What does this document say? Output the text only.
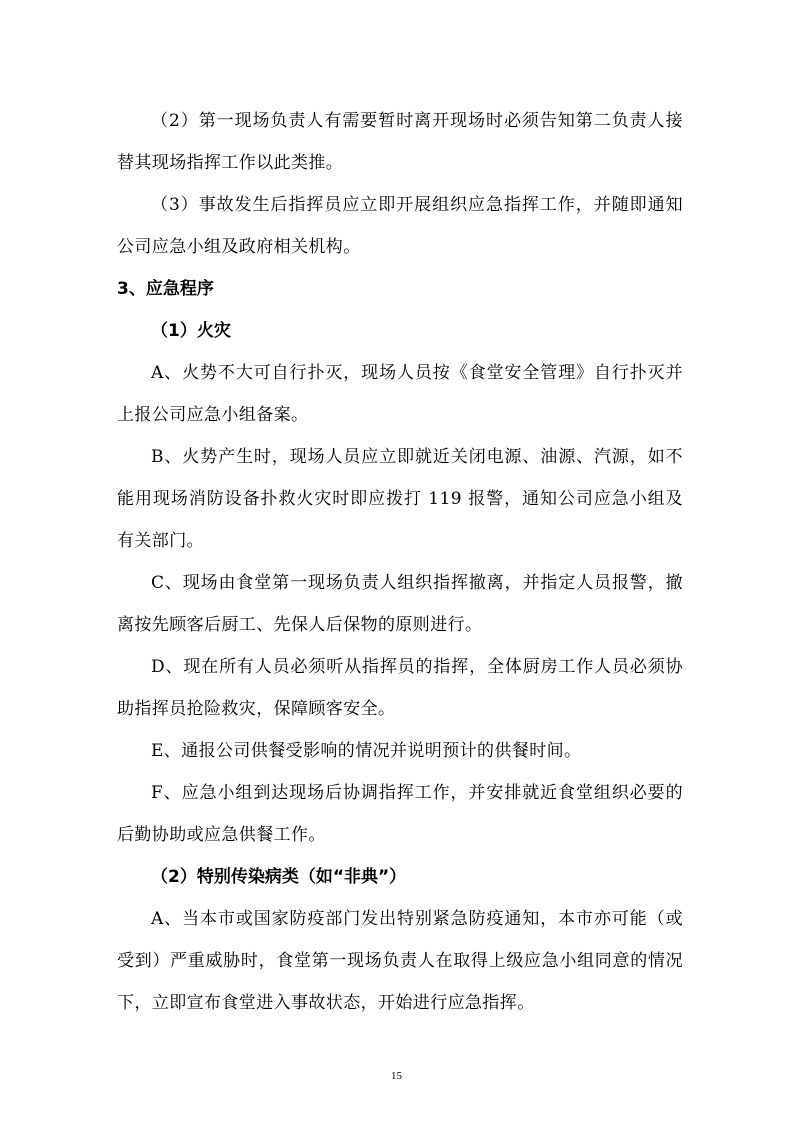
（2）第一现场负责人有需要暂时离开现场时必须告知第二负责人接替其现场指挥工作以此类推。

（3）事故发生后指挥员应立即开展组织应急指挥工作，并随即通知公司应急小组及政府相关机构。

3、应急程序
（1）火灾

A、火势不大可自行扑灭，现场人员按《食堂安全管理》自行扑灭并上报公司应急小组备案。

B、火势产生时，现场人员应立即就近关闭电源、油源、汽源，如不能用现场消防设备扑救火灾时即应拨打 119 报警，通知公司应急小组及有关部门。

C、现场由食堂第一现场负责人组织指挥撤离，并指定人员报警，撤离按先顾客后厨工、先保人后保物的原则进行。

D、现在所有人员必须听从指挥员的指挥，全体厨房工作人员必须协助指挥员抢险救灾，保障顾客安全。

E、通报公司供餐受影响的情况并说明预计的供餐时间。

F、应急小组到达现场后协调指挥工作，并安排就近食堂组织必要的后勤协助或应急供餐工作。

（2）特别传染病类（如“非典”）

A、当本市或国家防疫部门发出特别紧急防疫通知，本市亦可能（或受到）严重威胁时，食堂第一现场负责人在取得上级应急小组同意的情况下，立即宣布食堂进入事故状态，开始进行应急指挥。

15
